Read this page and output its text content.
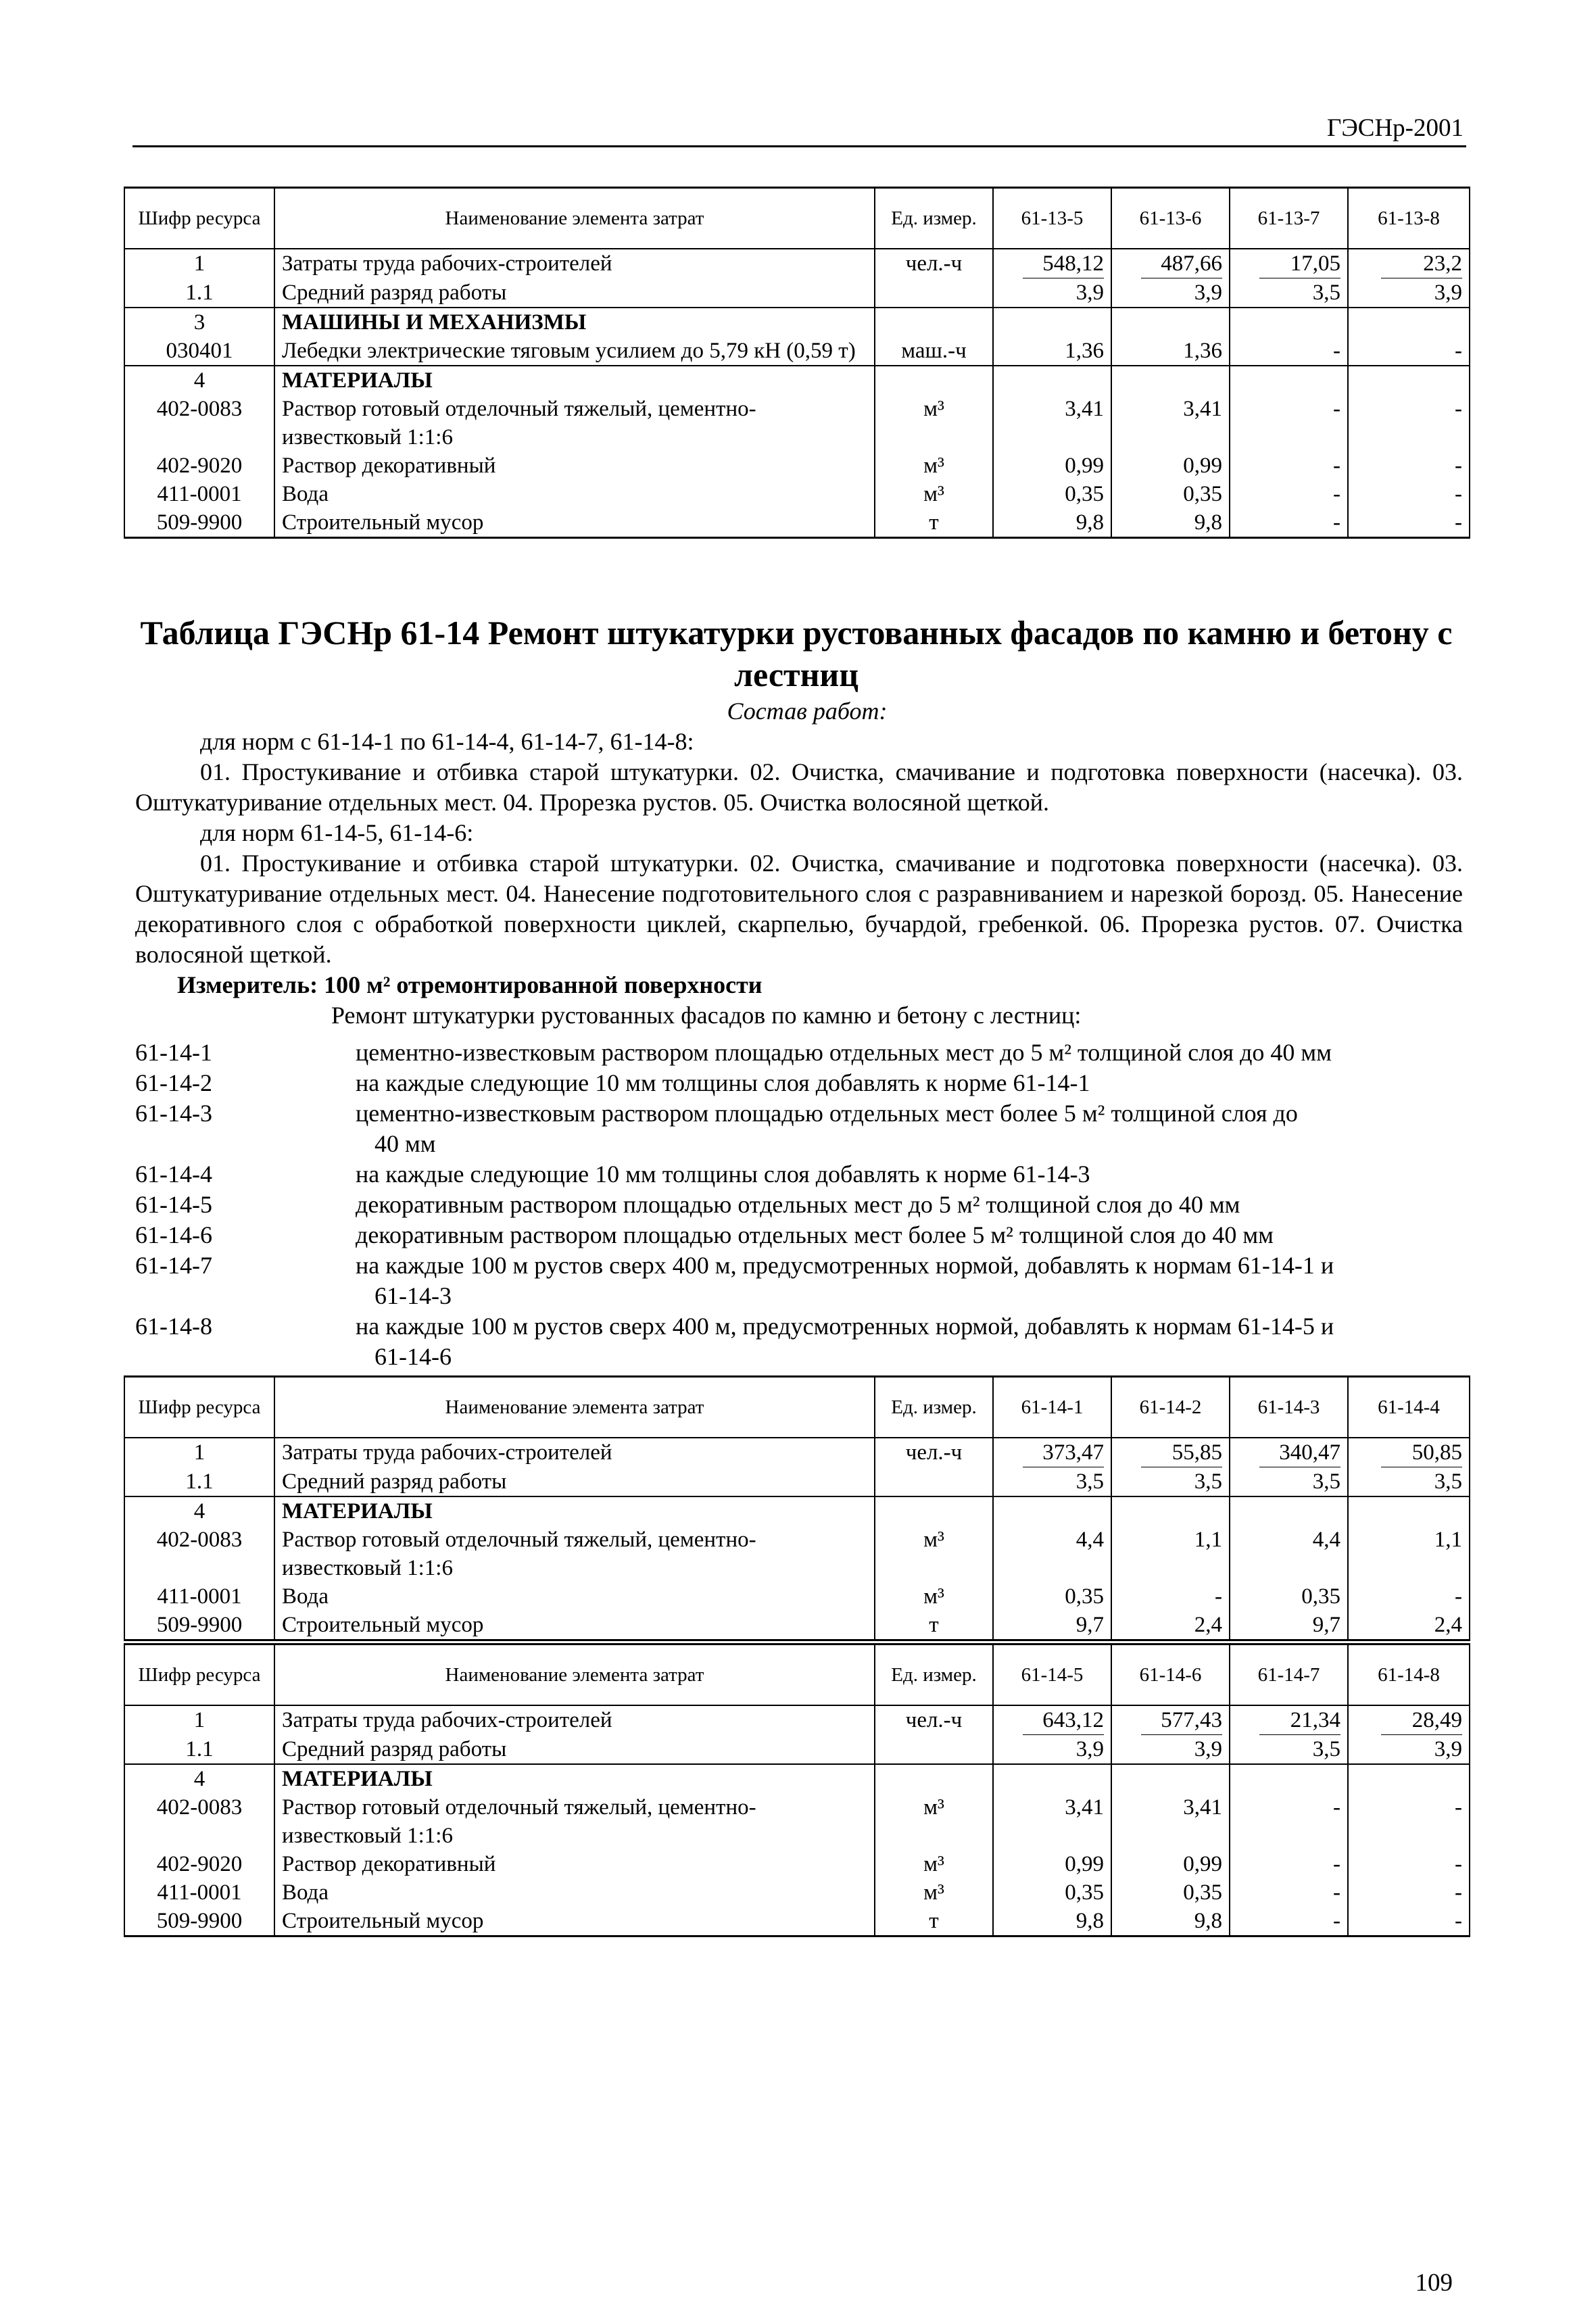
ГЭСНр-2001
Шифр ресурса	Наименование элемента затрат	Ед. измер.	61-13-5	61-13-6	61-13-7	61-13-8
1	Затраты труда рабочих-строителей	чел.-ч	548,12	487,66	17,05	23,2
1.1	Средний разряд работы		3,9	3,9	3,5	3,9
3	МАШИНЫ И МЕХАНИЗМЫ					
030401	Лебедки электрические тяговым усилием до 5,79 кН (0,59 т)	маш.-ч	1,36	1,36	-	-
4	МАТЕРИАЛЫ					
402-0083	Раствор готовый отделочный тяжелый, цементно-известковый 1:1:6	м³	3,41	3,41	-	-
402-9020	Раствор декоративный	м³	0,99	0,99	-	-
411-0001	Вода	м³	0,35	0,35	-	-
509-9900	Строительный мусор	т	9,8	9,8	-	-
Таблица ГЭСНр 61-14 Ремонт штукатурки рустованных фасадов по камню и бетону с лестниц
Состав работ:
для норм с 61-14-1 по 61-14-4, 61-14-7, 61-14-8:
01. Простукивание и отбивка старой штукатурки. 02. Очистка, смачивание и подготовка поверхности (насечка). 03. Оштукатуривание отдельных мест. 04. Прорезка рустов. 05. Очистка волосяной щеткой.
для норм 61-14-5, 61-14-6:
01. Простукивание и отбивка старой штукатурки. 02. Очистка, смачивание и подготовка поверхности (насечка). 03. Оштукатуривание отдельных мест. 04. Нанесение подготовительного слоя с разравниванием и нарезкой борозд. 05. Нанесение декоративного слоя с обработкой поверхности циклей, скарпелью, бучардой, гребенкой. 06. Прорезка рустов. 07. Очистка волосяной щеткой.
Измеритель: 100 м² отремонтированной поверхности
Ремонт штукатурки рустованных фасадов по камню и бетону с лестниц:
61-14-1	цементно-известковым раствором площадью отдельных мест до 5 м² толщиной слоя до 40 мм
61-14-2	на каждые следующие 10 мм толщины слоя добавлять к норме 61-14-1
61-14-3	цементно-известковым раствором площадью отдельных мест более 5 м² толщиной слоя до
40 мм
61-14-4	на каждые следующие 10 мм толщины слоя добавлять к норме 61-14-3
61-14-5	декоративным раствором площадью отдельных мест до 5 м² толщиной слоя до 40 мм
61-14-6	декоративным раствором площадью отдельных мест более 5 м² толщиной слоя до 40 мм
61-14-7	на каждые 100 м рустов сверх 400 м, предусмотренных нормой, добавлять к нормам 61-14-1 и
61-14-3
61-14-8	на каждые 100 м рустов сверх 400 м, предусмотренных нормой, добавлять к нормам 61-14-5 и
61-14-6
Шифр ресурса	Наименование элемента затрат	Ед. измер.	61-14-1	61-14-2	61-14-3	61-14-4
1	Затраты труда рабочих-строителей	чел.-ч	373,47	55,85	340,47	50,85
1.1	Средний разряд работы		3,5	3,5	3,5	3,5
4	МАТЕРИАЛЫ					
402-0083	Раствор готовый отделочный тяжелый, цементно-известковый 1:1:6	м³	4,4	1,1	4,4	1,1
411-0001	Вода	м³	0,35	-	0,35	-
509-9900	Строительный мусор	т	9,7	2,4	9,7	2,4
Шифр ресурса	Наименование элемента затрат	Ед. измер.	61-14-5	61-14-6	61-14-7	61-14-8
1	Затраты труда рабочих-строителей	чел.-ч	643,12	577,43	21,34	28,49
1.1	Средний разряд работы		3,9	3,9	3,5	3,9
4	МАТЕРИАЛЫ					
402-0083	Раствор готовый отделочный тяжелый, цементно-известковый 1:1:6	м³	3,41	3,41	-	-
402-9020	Раствор декоративный	м³	0,99	0,99	-	-
411-0001	Вода	м³	0,35	0,35	-	-
509-9900	Строительный мусор	т	9,8	9,8	-	-
109
